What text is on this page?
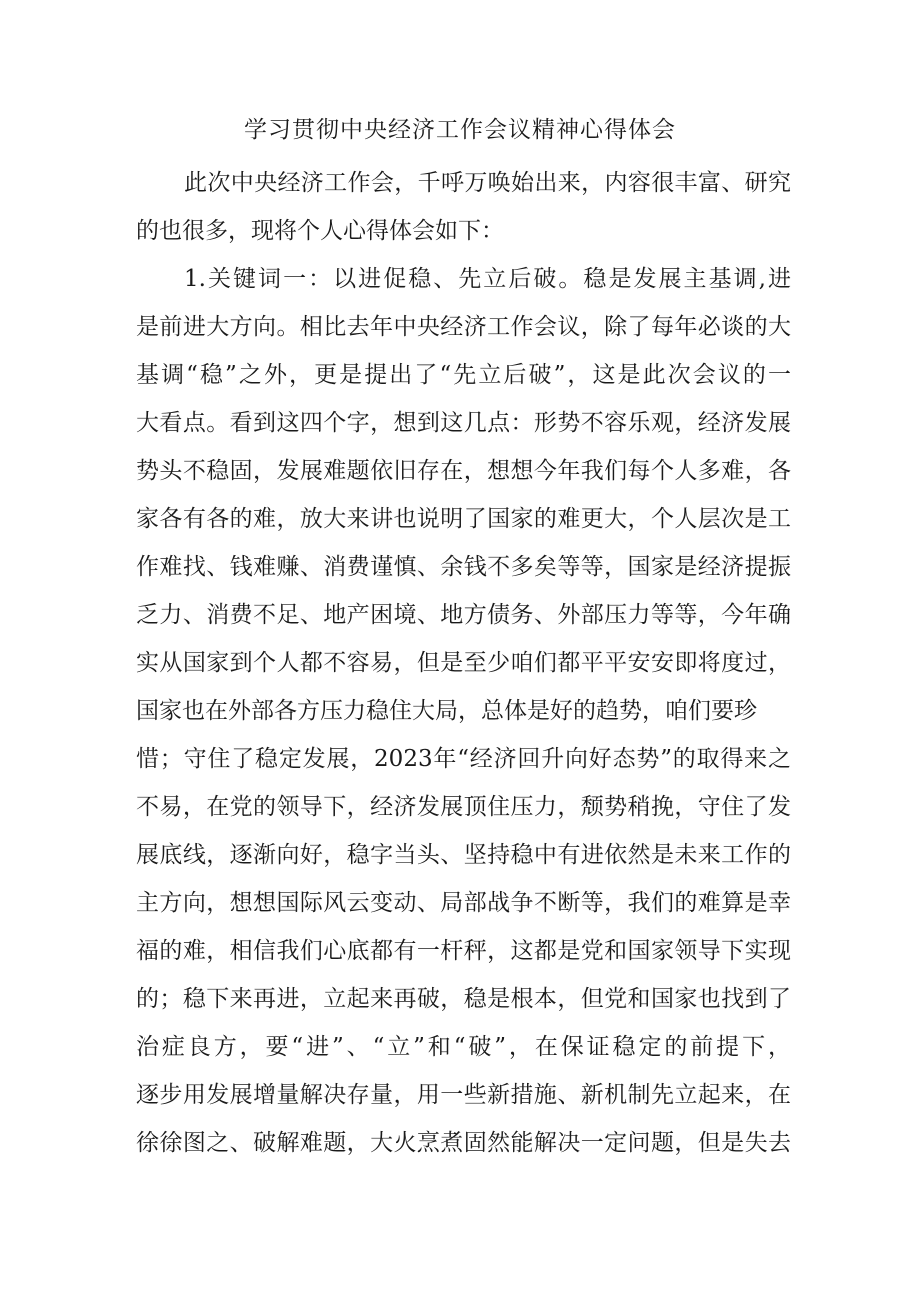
学习贯彻中央经济工作会议精神心得体会

此次中央经济工作会，千呼万唤始出来，内容很丰富、研究

的也很多，现将个人心得体会如下：

1.关键词一：以进促稳、先立后破。稳是发展主基调,进

是前进大方向。相比去年中央经济工作会议，除了每年必谈的大

基调“稳”之外，更是提出了“先立后破”，这是此次会议的一

大看点。看到这四个字，想到这几点：形势不容乐观，经济发展

势头不稳固，发展难题依旧存在，想想今年我们每个人多难，各

家各有各的难，放大来讲也说明了国家的难更大，个人层次是工

作难找、钱难赚、消费谨慎、余钱不多矣等等，国家是经济提振

乏力、消费不足、地产困境、地方债务、外部压力等等，今年确

实从国家到个人都不容易，但是至少咱们都平平安安即将度过，

国家也在外部各方压力稳住大局，总体是好的趋势，咱们要珍

惜；守住了稳定发展，2023年“经济回升向好态势”的取得来之

不易，在党的领导下，经济发展顶住压力，颓势稍挽，守住了发

展底线，逐渐向好，稳字当头、坚持稳中有进依然是未来工作的

主方向，想想国际风云变动、局部战争不断等，我们的难算是幸

福的难，相信我们心底都有一杆秤，这都是党和国家领导下实现

的；稳下来再进，立起来再破，稳是根本，但党和国家也找到了

治症良方，要“进”、“立”和“破”，在保证稳定的前提下，

逐步用发展增量解决存量，用一些新措施、新机制先立起来，在

徐徐图之、破解难题，大火烹煮固然能解决一定问题，但是失去
